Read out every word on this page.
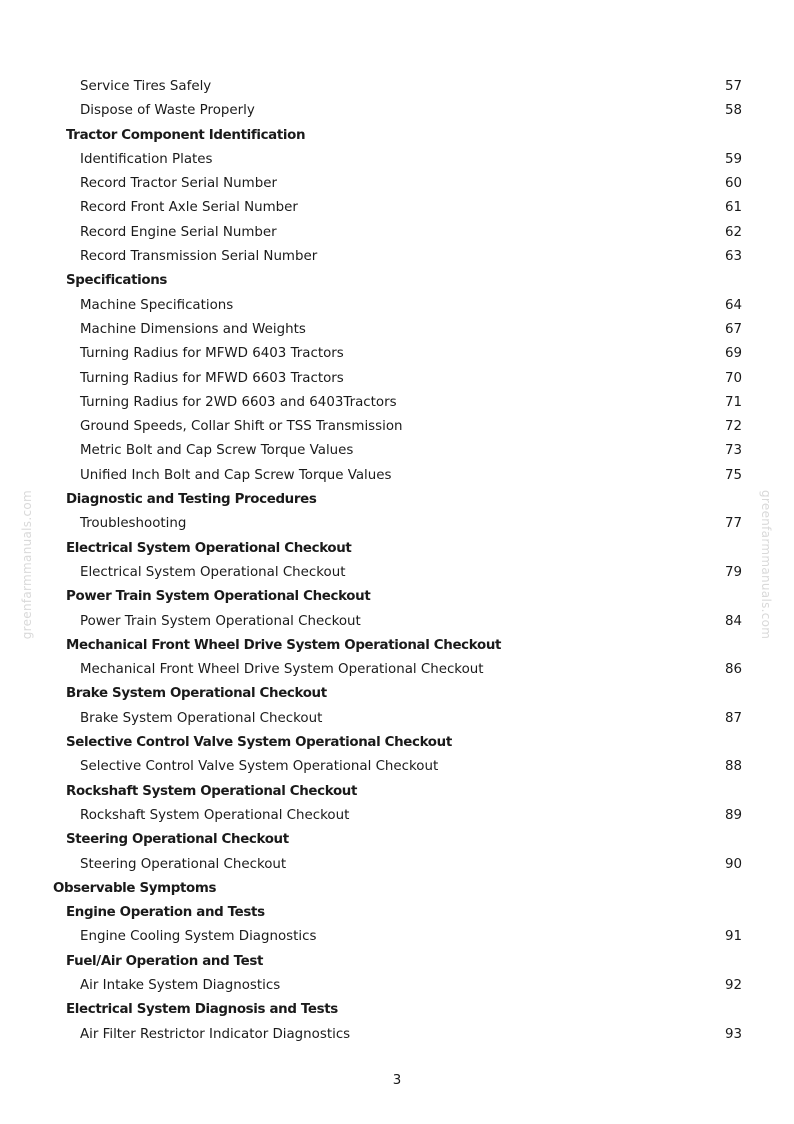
greenfarmmanuals.com	greenfarmmanuals.com
Service Tires Safely	57
Dispose of Waste Properly	58
Tractor Component Identification
Identification Plates	59
Record Tractor Serial Number	60
Record Front Axle Serial Number	61
Record Engine Serial Number	62
Record Transmission Serial Number	63
Specifications
Machine Specifications	64
Machine Dimensions and Weights	67
Turning Radius for MFWD 6403 Tractors	69
Turning Radius for MFWD 6603 Tractors	70
Turning Radius for 2WD 6603 and 6403Tractors	71
Ground Speeds, Collar Shift or TSS Transmission	72
Metric Bolt and Cap Screw Torque Values	73
Unified Inch Bolt and Cap Screw Torque Values	75
Diagnostic and Testing Procedures
Troubleshooting	77
Electrical System Operational Checkout
Electrical System Operational Checkout	79
Power Train System Operational Checkout
Power Train System Operational Checkout	84
Mechanical Front Wheel Drive System Operational Checkout
Mechanical Front Wheel Drive System Operational Checkout	86
Brake System Operational Checkout
Brake System Operational Checkout	87
Selective Control Valve System Operational Checkout
Selective Control Valve System Operational Checkout	88
Rockshaft System Operational Checkout
Rockshaft System Operational Checkout	89
Steering Operational Checkout
Steering Operational Checkout	90
Observable Symptoms
Engine Operation and Tests
Engine Cooling System Diagnostics	91
Fuel/Air Operation and Test
Air Intake System Diagnostics	92
Electrical System Diagnosis and Tests
Air Filter Restrictor Indicator Diagnostics	93
3
